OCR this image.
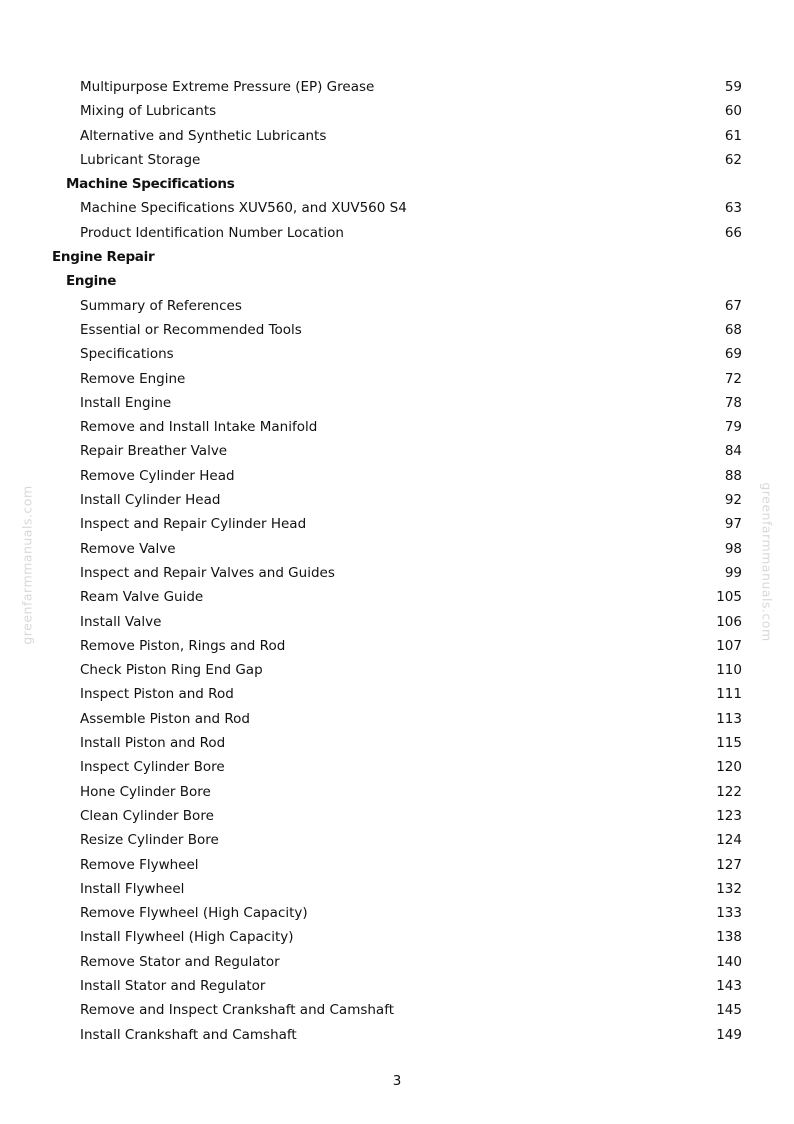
Multipurpose Extreme Pressure (EP) Grease	59
Mixing of Lubricants	60
Alternative and Synthetic Lubricants	61
Lubricant Storage	62
Machine Specifications
Machine Specifications XUV560, and XUV560 S4	63
Product Identification Number Location	66
Engine Repair
Engine
Summary of References	67
Essential or Recommended Tools	68
Specifications	69
Remove Engine	72
Install Engine	78
Remove and Install Intake Manifold	79
Repair Breather Valve	84
Remove Cylinder Head	88
Install Cylinder Head	92
Inspect and Repair Cylinder Head	97
Remove Valve	98
Inspect and Repair Valves and Guides	99
Ream Valve Guide	105
Install Valve	106
Remove Piston, Rings and Rod	107
Check Piston Ring End Gap	110
Inspect Piston and Rod	111
Assemble Piston and Rod	113
Install Piston and Rod	115
Inspect Cylinder Bore	120
Hone Cylinder Bore	122
Clean Cylinder Bore	123
Resize Cylinder Bore	124
Remove Flywheel	127
Install Flywheel	132
Remove Flywheel (High Capacity)	133
Install Flywheel (High Capacity)	138
Remove Stator and Regulator	140
Install Stator and Regulator	143
Remove and Inspect Crankshaft and Camshaft	145
Install Crankshaft and Camshaft	149
greenfarmmanuals.com	greenfarmmanuals.com
3
